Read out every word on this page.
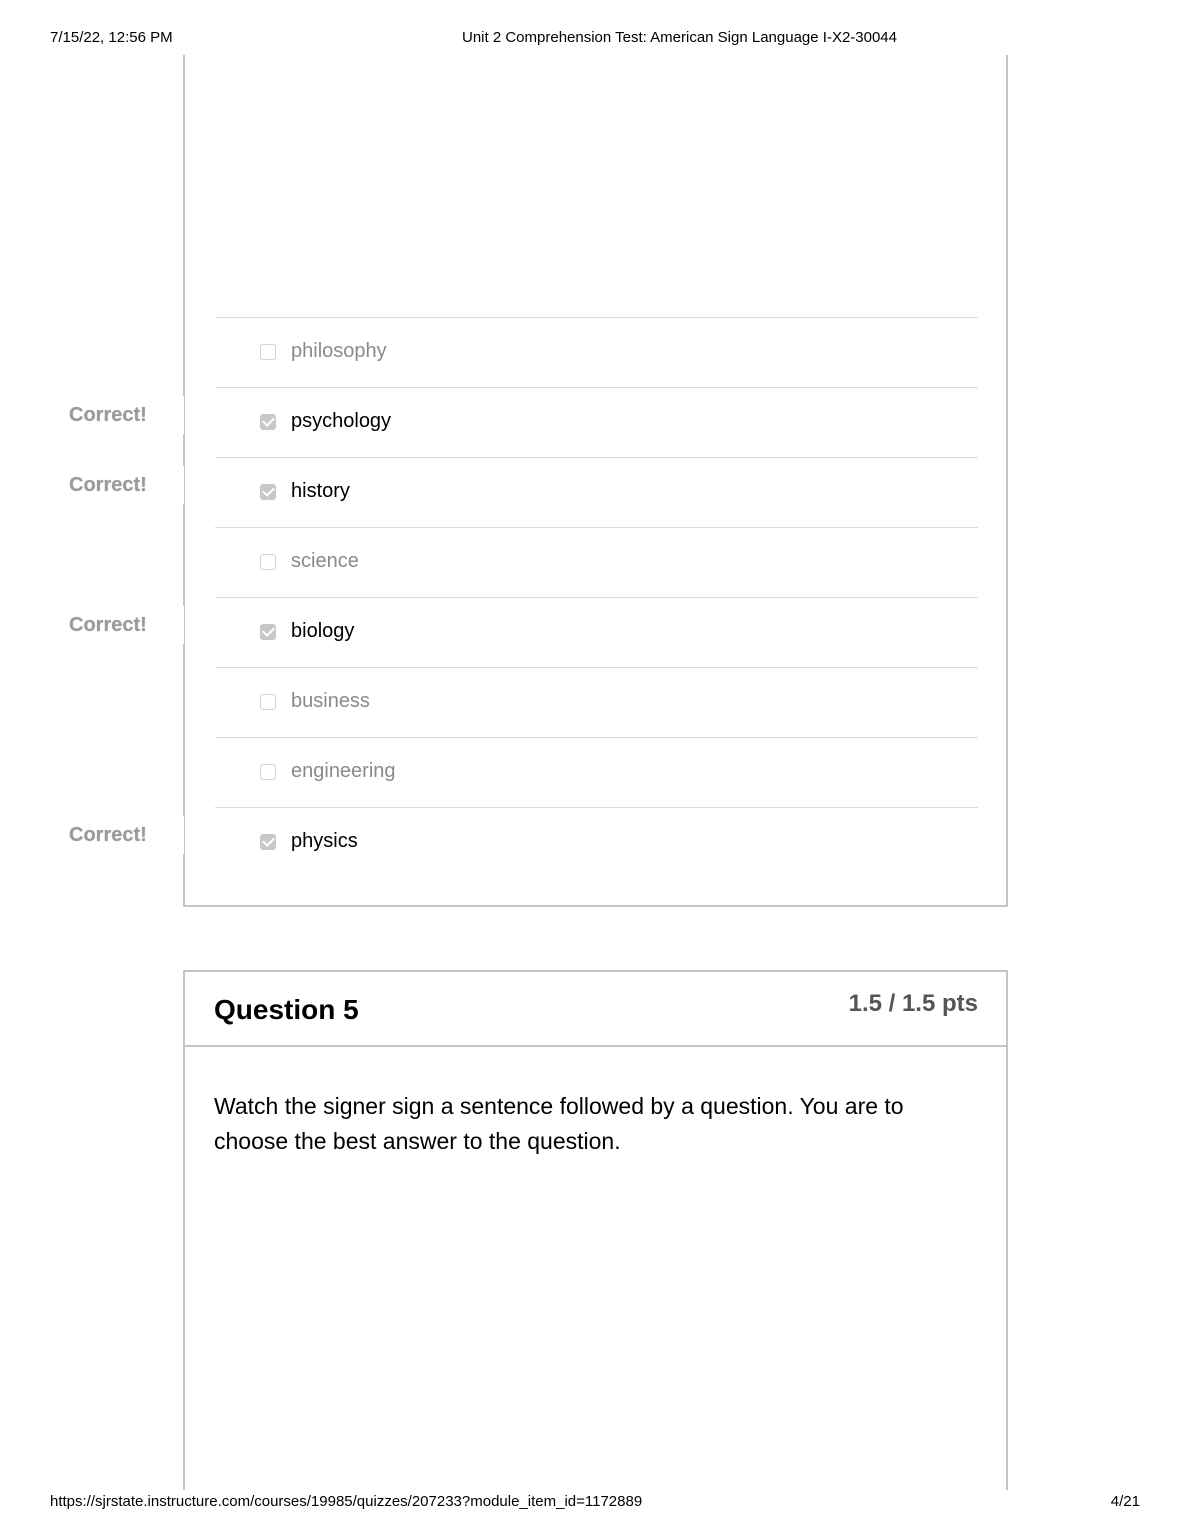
7/15/22, 12:56 PM	Unit 2 Comprehension Test: American Sign Language I-X2-30044
philosophy
psychology
history
science
biology
business
engineering
physics
Correct!
Correct!
Correct!
Correct!
Question 5	1.5 / 1.5 pts
Watch the signer sign a sentence followed by a question. You are to choose the best answer to the question.
https://sjrstate.instructure.com/courses/19985/quizzes/207233?module_item_id=1172889	4/21
